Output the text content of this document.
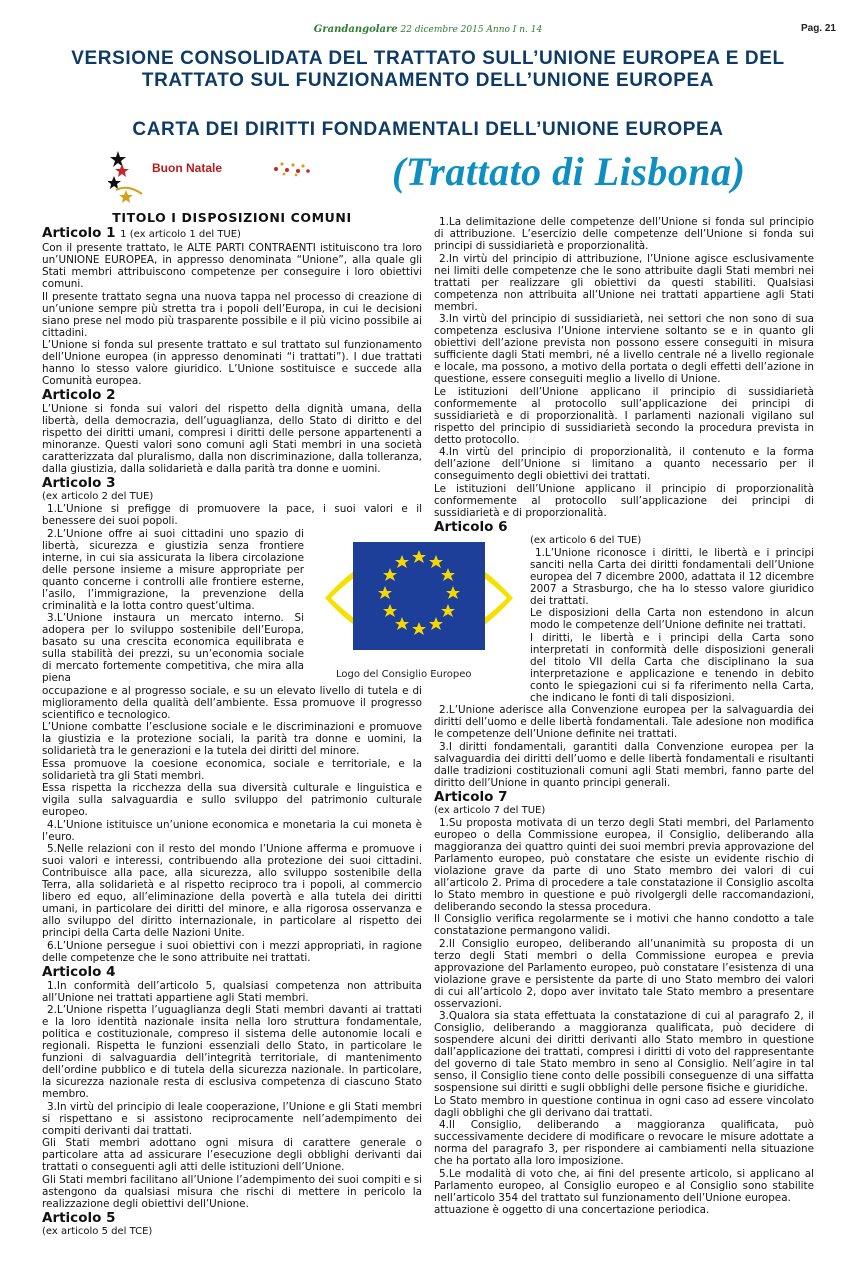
Grandangolare 22 dicembre 2015 Anno I n. 14	Pag. 21
VERSIONE CONSOLIDATA DEL TRATTATO SULL’UNIONE EUROPEA E DEL TRATTATO SUL FUNZIONAMENTO DELL’UNIONE EUROPEA
CARTA DEI DIRITTI FONDAMENTALI DELL’UNIONE EUROPEA
Buon Natale	(Trattato di Lisbona)
Logo del Consiglio Europeo
TITOLO I DISPOSIZIONI COMUNI
Articolo 1 1 (ex articolo 1 del TUE)

Con il presente trattato, le ALTE PARTI CONTRAENTI istituiscono tra loro un’UNIONE EUROPEA, in appresso denominata “Unione”, alla quale gli Stati membri attribuiscono competenze per conseguire i loro obiettivi comuni.

Il presente trattato segna una nuova tappa nel processo di creazione di un’unione sempre più stretta tra i popoli dell’Europa, in cui le decisioni siano prese nel modo più trasparente possibile e il più vicino possibile ai cittadini.

L’Unione si fonda sul presente trattato e sul trattato sul funzionamento dell’Unione europea (in appresso denominati “i trattati”). I due trattati hanno lo stesso valore giuridico. L’Unione sostituisce e succede alla Comunità europea.

Articolo 2

L’Unione si fonda sui valori del rispetto della dignità umana, della libertà, della democrazia, dell’uguaglianza, dello Stato di diritto e del rispetto dei diritti umani, compresi i diritti delle persone appartenenti a minoranze. Questi valori sono comuni agli Stati membri in una società caratterizzata dal pluralismo, dalla non discriminazione, dalla tolleranza, dalla giustizia, dalla solidarietà e dalla parità tra donne e uomini.

Articolo 3
(ex articolo 2 del TUE)

1.L’Unione si prefigge di promuovere la pace, i suoi valori e il benessere dei suoi popoli.

2.L’Unione offre ai suoi cittadini uno spazio di libertà, sicurezza e giustizia senza frontiere interne, in cui sia assicurata la libera circolazione delle persone insieme a misure appropriate per quanto concerne i controlli alle frontiere esterne, l’asilo, l’immigrazione, la prevenzione della criminalità e la lotta contro quest’ultima.

3.L’Unione instaura un mercato interno. Si adopera per lo sviluppo sostenibile dell’Europa, basato su una crescita economica equilibrata e sulla stabilità dei prezzi, su un’economia sociale di mercato fortemente competitiva, che mira alla piena

occupazione e al progresso sociale, e su un elevato livello di tutela e di miglioramento della qualità dell’ambiente. Essa promuove il progresso scientifico e tecnologico.

L’Unione combatte l’esclusione sociale e le discriminazioni e promuove la giustizia e la protezione sociali, la parità tra donne e uomini, la solidarietà tra le generazioni e la tutela dei diritti del minore.

Essa promuove la coesione economica, sociale e territoriale, e la solidarietà tra gli Stati membri.

Essa rispetta la ricchezza della sua diversità culturale e linguistica e vigila sulla salvaguardia e sullo sviluppo del patrimonio culturale europeo.

4.L’Unione istituisce un’unione economica e monetaria la cui moneta è l’euro.

5.Nelle relazioni con il resto del mondo l’Unione afferma e promuove i suoi valori e interessi, contribuendo alla protezione dei suoi cittadini. Contribuisce alla pace, alla sicurezza, allo sviluppo sostenibile della Terra, alla solidarietà e al rispetto reciproco tra i popoli, al commercio libero ed equo, all’eliminazione della povertà e alla tutela dei diritti umani, in particolare dei diritti del minore, e alla rigorosa osservanza e allo sviluppo del diritto internazionale, in particolare al rispetto dei principi della Carta delle Nazioni Unite.

6.L’Unione persegue i suoi obiettivi con i mezzi appropriati, in ragione delle competenze che le sono attribuite nei trattati.

Articolo 4

1.In conformità dell’articolo 5, qualsiasi competenza non attribuita all’Unione nei trattati appartiene agli Stati membri.

2.L’Unione rispetta l’uguaglianza degli Stati membri davanti ai trattati e la loro identità nazionale insita nella loro struttura fondamentale, politica e costituzionale, compreso il sistema delle autonomie locali e regionali. Rispetta le funzioni essenziali dello Stato, in particolare le funzioni di salvaguardia dell’integrità territoriale, di mantenimento dell’ordine pubblico e di tutela della sicurezza nazionale. In particolare, la sicurezza nazionale resta di esclusiva competenza di ciascuno Stato membro.

3.In virtù del principio di leale cooperazione, l’Unione e gli Stati membri si rispettano e si assistono reciprocamente nell’adempimento dei compiti derivanti dai trattati.

Gli Stati membri adottano ogni misura di carattere generale o particolare atta ad assicurare l’esecuzione degli obblighi derivanti dai trattati o conseguenti agli atti delle istituzioni dell’Unione.

Gli Stati membri facilitano all’Unione l’adempimento dei suoi compiti e si astengono da qualsiasi misura che rischi di mettere in pericolo la realizzazione degli obiettivi dell’Unione.

Articolo 5
(ex articolo 5 del TCE)

1.La delimitazione delle competenze dell’Unione si fonda sul principio di attribuzione. L’esercizio delle competenze dell’Unione si fonda sui principi di sussidiarietà e proporzionalità.

2.In virtù del principio di attribuzione, l’Unione agisce esclusivamente nei limiti delle competenze che le sono attribuite dagli Stati membri nei trattati per realizzare gli obiettivi da questi stabiliti. Qualsiasi competenza non attribuita all’Unione nei trattati appartiene agli Stati membri.

3.In virtù del principio di sussidiarietà, nei settori che non sono di sua competenza esclusiva l’Unione interviene soltanto se e in quanto gli obiettivi dell’azione prevista non possono essere conseguiti in misura sufficiente dagli Stati membri, né a livello centrale né a livello regionale e locale, ma possono, a motivo della portata o degli effetti dell’azione in questione, essere conseguiti meglio a livello di Unione.

Le istituzioni dell’Unione applicano il principio di sussidiarietà conformemente al protocollo sull’applicazione dei principi di sussidiarietà e di proporzionalità. I parlamenti nazionali vigilano sul rispetto del principio di sussidiarietà secondo la procedura prevista in detto protocollo.

4.In virtù del principio di proporzionalità, il contenuto e la forma dell’azione dell’Unione si limitano a quanto necessario per il conseguimento degli obiettivi dei trattati.

Le istituzioni dell’Unione applicano il principio di proporzionalità conformemente al protocollo sull’applicazione dei principi di sussidiarietà e di proporzionalità.

Articolo 6
(ex articolo 6 del TUE)

1.L’Unione riconosce i diritti, le libertà e i principi sanciti nella Carta dei diritti fondamentali dell’Unione europea del 7 dicembre 2000, adattata il 12 dicembre 2007 a Strasburgo, che ha lo stesso valore giuridico dei trattati.

Le disposizioni della Carta non estendono in alcun modo le competenze dell’Unione definite nei trattati.

I diritti, le libertà e i principi della Carta sono interpretati in conformità delle disposizioni generali del titolo VII della Carta che disciplinano la sua interpretazione e applicazione e tenendo in debito conto le spiegazioni cui si fa riferimento nella Carta, che indicano le fonti di tali disposizioni.

2.L’Unione aderisce alla Convenzione europea per la salvaguardia dei diritti dell’uomo e delle libertà fondamentali. Tale adesione non modifica le competenze dell’Unione definite nei trattati.

3.I diritti fondamentali, garantiti dalla Convenzione europea per la salvaguardia dei diritti dell’uomo e delle libertà fondamentali e risultanti dalle tradizioni costituzionali comuni agli Stati membri, fanno parte del diritto dell’Unione in quanto principi generali.

Articolo 7
(ex articolo 7 del TUE)

1.Su proposta motivata di un terzo degli Stati membri, del Parlamento europeo o della Commissione europea, il Consiglio, deliberando alla maggioranza dei quattro quinti dei suoi membri previa approvazione del Parlamento europeo, può constatare che esiste un evidente rischio di violazione grave da parte di uno Stato membro dei valori di cui all’articolo 2. Prima di procedere a tale constatazione il Consiglio ascolta lo Stato membro in questione e può rivolgergli delle raccomandazioni, deliberando secondo la stessa procedura.

Il Consiglio verifica regolarmente se i motivi che hanno condotto a tale constatazione permangono validi.

2.Il Consiglio europeo, deliberando all’unanimità su proposta di un terzo degli Stati membri o della Commissione europea e previa approvazione del Parlamento europeo, può constatare l’esistenza di una violazione grave e persistente da parte di uno Stato membro dei valori di cui all’articolo 2, dopo aver invitato tale Stato membro a presentare osservazioni.

3.Qualora sia stata effettuata la constatazione di cui al paragrafo 2, il Consiglio, deliberando a maggioranza qualificata, può decidere di sospendere alcuni dei diritti derivanti allo Stato membro in questione dall’applicazione dei trattati, compresi i diritti di voto del rappresentante del governo di tale Stato membro in seno al Consiglio. Nell’agire in tal senso, il Consiglio tiene conto delle possibili conseguenze di una siffatta sospensione sui diritti e sugli obblighi delle persone fisiche e giuridiche.

Lo Stato membro in questione continua in ogni caso ad essere vincolato dagli obblighi che gli derivano dai trattati.

4.Il Consiglio, deliberando a maggioranza qualificata, può successivamente decidere di modificare o revocare le misure adottate a norma del paragrafo 3, per rispondere ai cambiamenti nella situazione che ha portato alla loro imposizione.

5.Le modalità di voto che, ai fini del presente articolo, si applicano al Parlamento europeo, al Consiglio europeo e al Consiglio sono stabilite nell’articolo 354 del trattato sul funzionamento dell’Unione europea.

attuazione è oggetto di una concertazione periodica.
